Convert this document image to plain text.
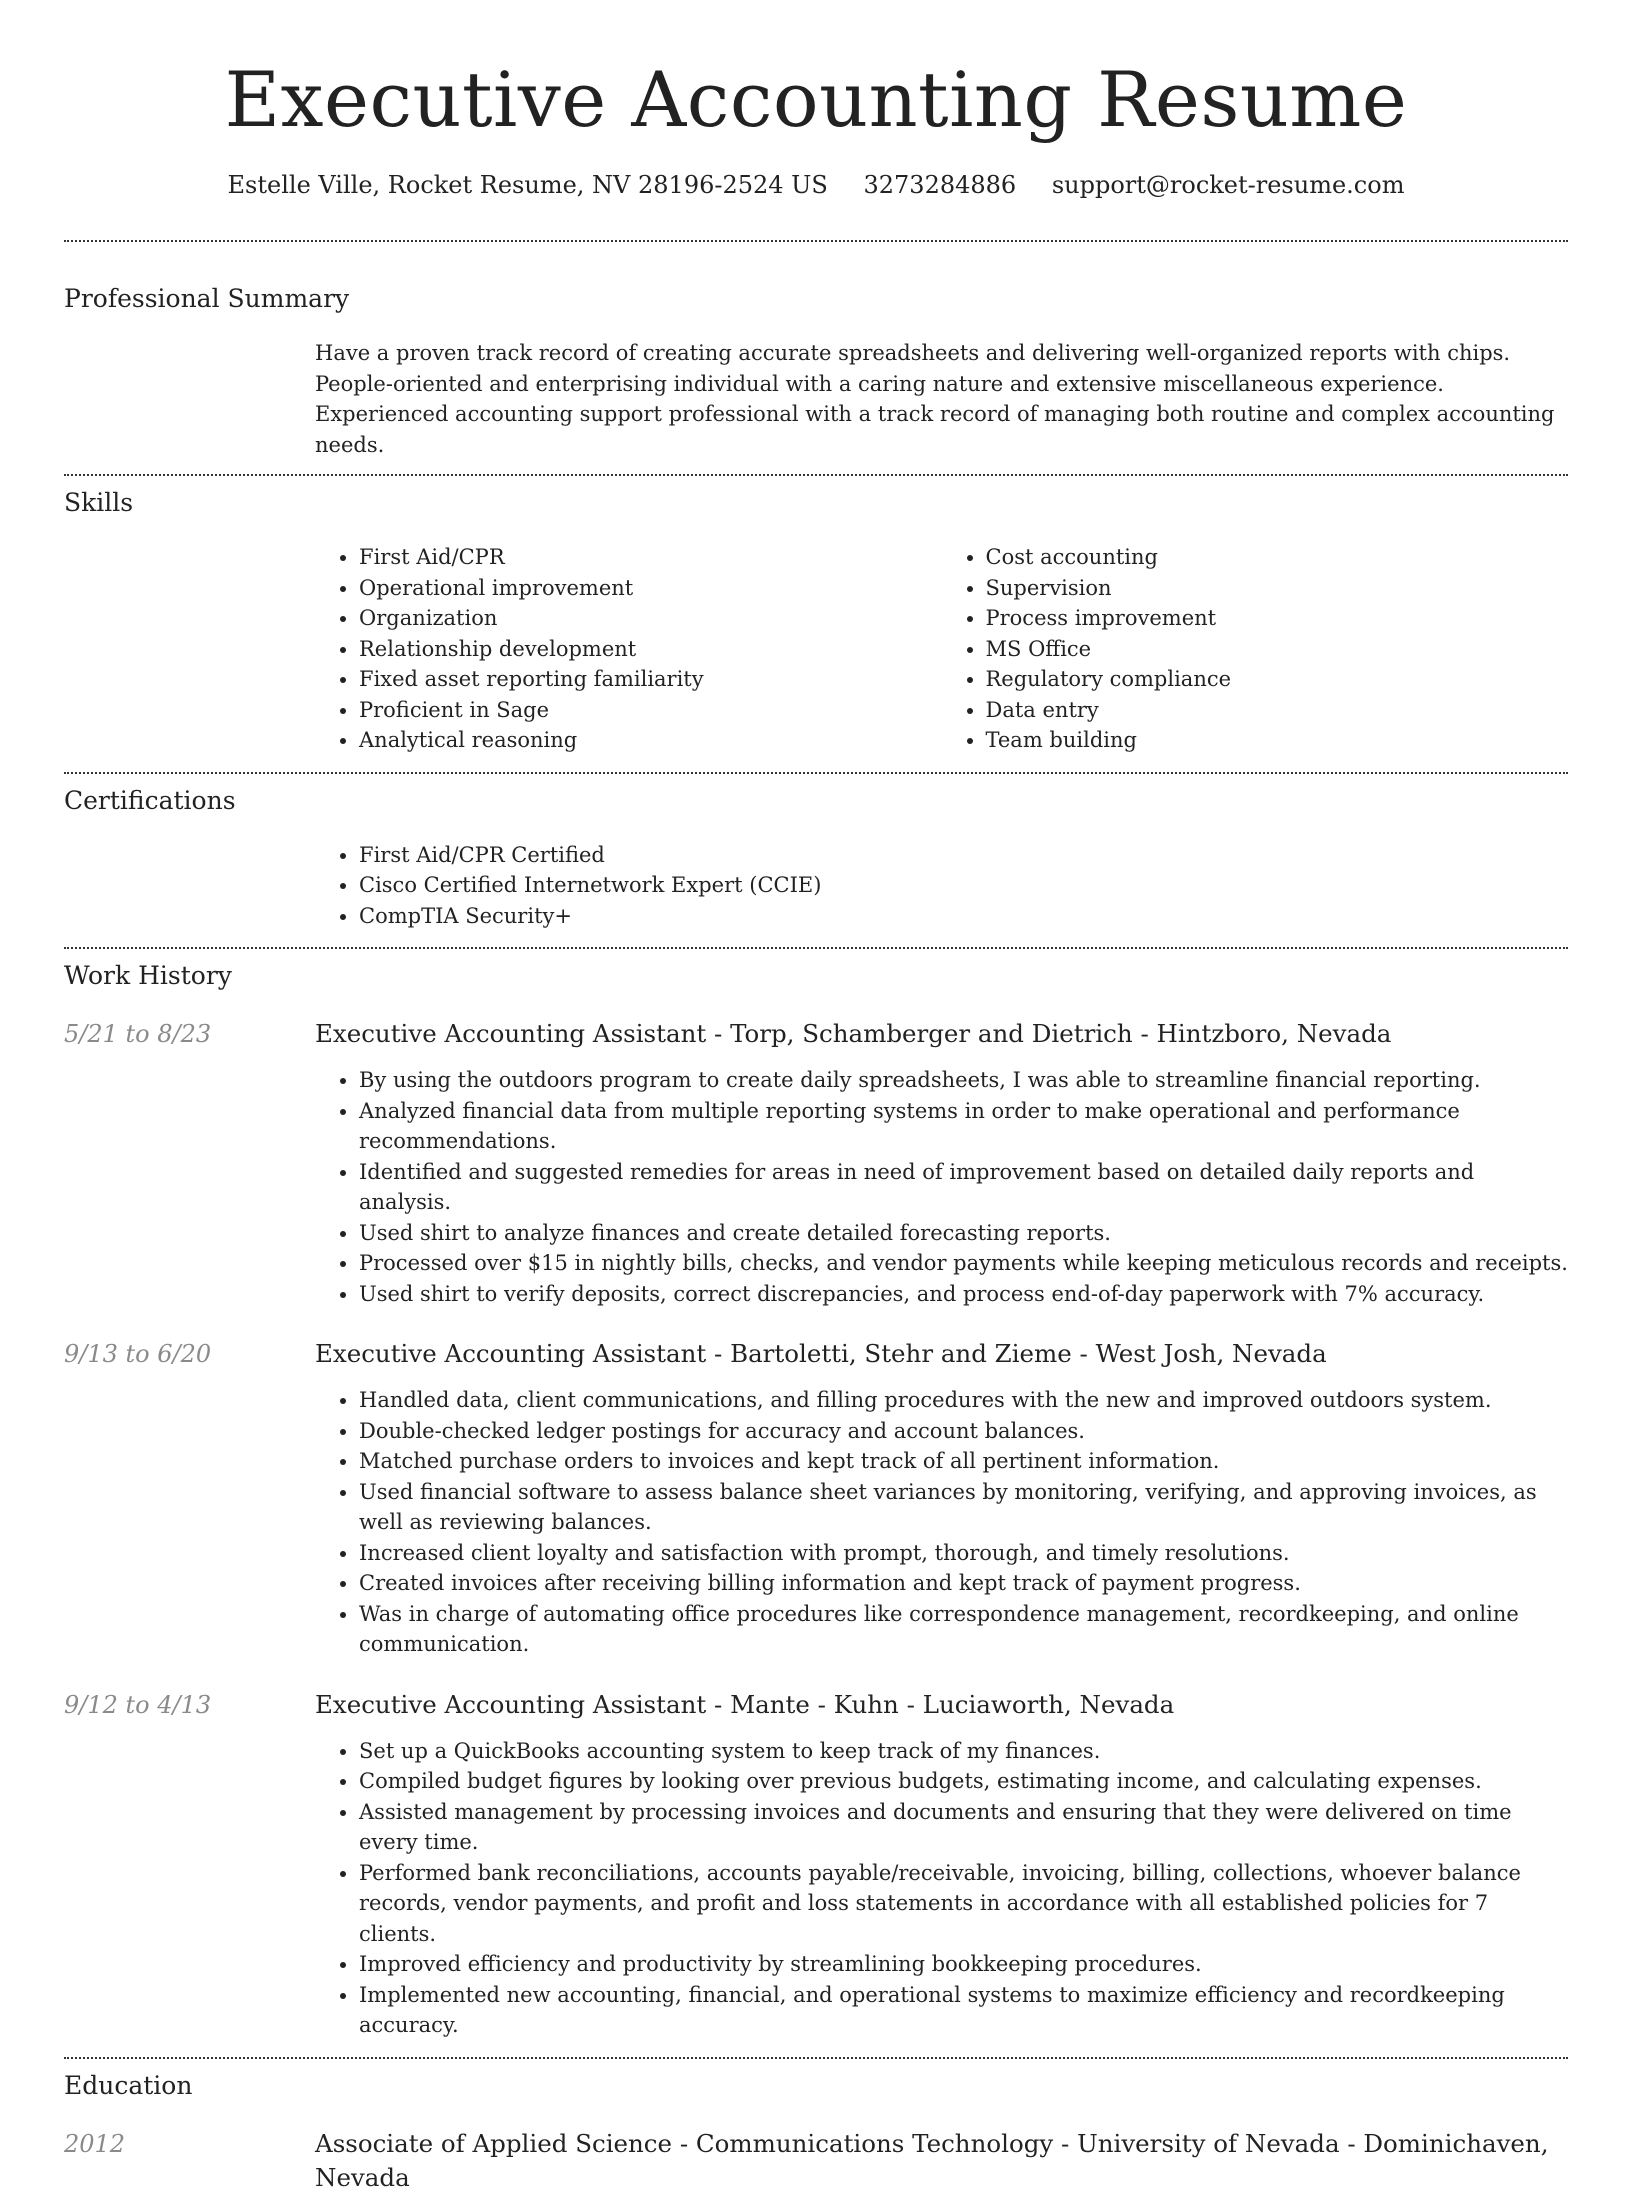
Executive Accounting Resume
Estelle Ville, Rocket Resume, NV 28196-2524 US 3273284886 support@rocket-resume.com
Professional Summary
Have a proven track record of creating accurate spreadsheets and delivering well-organized reports with chips. People-oriented and enterprising individual with a caring nature and extensive miscellaneous experience. Experienced accounting support professional with a track record of managing both routine and complex accounting needs.
Skills
• First Aid/CPR
• Operational improvement
• Organization
• Relationship development
• Fixed asset reporting familiarity
• Proficient in Sage
• Analytical reasoning
• Cost accounting
• Supervision
• Process improvement
• MS Office
• Regulatory compliance
• Data entry
• Team building
Certifications
• First Aid/CPR Certified
• Cisco Certified Internetwork Expert (CCIE)
• CompTIA Security+
Work History
5/21 to 8/23	Executive Accounting Assistant - Torp, Schamberger and Dietrich - Hintzboro, Nevada
• By using the outdoors program to create daily spreadsheets, I was able to streamline financial reporting.
• Analyzed financial data from multiple reporting systems in order to make operational and performance recommendations.
• Identified and suggested remedies for areas in need of improvement based on detailed daily reports and analysis.
• Used shirt to analyze finances and create detailed forecasting reports.
• Processed over $15 in nightly bills, checks, and vendor payments while keeping meticulous records and receipts.
• Used shirt to verify deposits, correct discrepancies, and process end-of-day paperwork with 7% accuracy.
9/13 to 6/20	Executive Accounting Assistant - Bartoletti, Stehr and Zieme - West Josh, Nevada
• Handled data, client communications, and filling procedures with the new and improved outdoors system.
• Double-checked ledger postings for accuracy and account balances.
• Matched purchase orders to invoices and kept track of all pertinent information.
• Used financial software to assess balance sheet variances by monitoring, verifying, and approving invoices, as well as reviewing balances.
• Increased client loyalty and satisfaction with prompt, thorough, and timely resolutions.
• Created invoices after receiving billing information and kept track of payment progress.
• Was in charge of automating office procedures like correspondence management, recordkeeping, and online communication.
9/12 to 4/13	Executive Accounting Assistant - Mante - Kuhn - Luciaworth, Nevada
• Set up a QuickBooks accounting system to keep track of my finances.
• Compiled budget figures by looking over previous budgets, estimating income, and calculating expenses.
• Assisted management by processing invoices and documents and ensuring that they were delivered on time every time.
• Performed bank reconciliations, accounts payable/receivable, invoicing, billing, collections, whoever balance records, vendor payments, and profit and loss statements in accordance with all established policies for 7 clients.
• Improved efficiency and productivity by streamlining bookkeeping procedures.
• Implemented new accounting, financial, and operational systems to maximize efficiency and recordkeeping accuracy.
Education
2012	Associate of Applied Science - Communications Technology - University of Nevada - Dominichaven, Nevada
